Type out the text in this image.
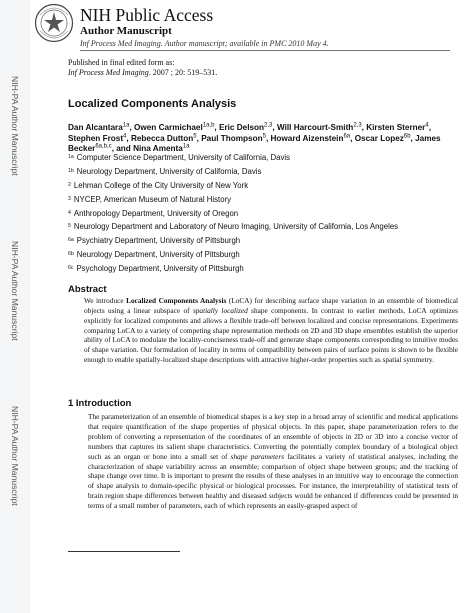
NIH-PA Author Manuscript
NIH-PA Author Manuscript
NIH-PA Author Manuscript
NIH Public Access
Author Manuscript
Inf Process Med Imaging. Author manuscript; available in PMC 2010 May 4.
Published in final edited form as:
Inf Process Med Imaging. 2007 ; 20: 519–531.
Localized Components Analysis
Dan Alcantara$^{1a}$, Owen Carmichael$^{1a,b}$, Eric Delson$^{2,3}$, Will Harcourt-Smith$^{2,3}$, Kirsten Sterner$^4$, Stephen Frost$^4$, Rebecca Dutton$^5$, Paul Thompson$^5$, Howard Aizenstein$^{6a}$, Oscar Lopez$^{6b}$, James Becker$^{6a,b,c}$, and Nina Amenta$^{1a}$
$^{1a}$ Computer Science Department, University of California, Davis
$^{1b}$ Neurology Department, University of California, Davis
$^2$ Lehman College of the City University of New York
$^3$ NYCEP, American Museum of Natural History
$^4$ Anthropology Department, University of Oregon
$^5$ Neurology Department and Laboratory of Neuro Imaging, University of California, Los Angeles
$^{6a}$ Psychiatry Department, University of Pittsburgh
$^{6b}$ Neurology Department, University of Pittsburgh
$^{6c}$ Psychology Department, University of Pittsburgh
Abstract
We introduce Localized Components Analysis (LoCA) for describing surface shape variation in an ensemble of biomedical objects using a linear subspace of spatially localized shape components. In contrast to earlier methods, LoCA optimizes explicitly for localized components and allows a flexible trade-off between localized and concise representations. Experiments comparing LoCA to a variety of competing shape representation methods on 2D and 3D shape ensembles establish the superior ability of LoCA to modulate the locality-conciseness trade-off and generate shape components corresponding to intuitive modes of shape variation. Our formulation of locality in terms of compatibility between pairs of surface points is shown to be flexible enough to enable spatially-localized shape descriptions with attractive higher-order properties such as spatial symmetry.
1 Introduction
The parameterization of an ensemble of biomedical shapes is a key step in a broad array of scientific and medical applications that require quantification of the shape properties of physical objects. In this paper, shape parameterization refers to the problem of converting a representation of the coordinates of an ensemble of objects in 2D or 3D into a concise vector of numbers that captures its salient shape characteristics. Converting the potentially complex boundary of a biological object such as an organ or bone into a small set of shape parameters facilitates a variety of statistical analyses, including the characterization of shape variability across an ensemble; comparison of object shape between groups; and the tracking of shape change over time. It is important to present the results of these analyses in an intuitive way to encourage the connection of shape analysis to domain-specific physical or biological processes. For instance, the interpretability of statistical tests of brain region shape differences between healthy and diseased subjects would be enhanced if differences could be presented in terms of a small number of parameters, each of which represents an easily-grasped aspect of
